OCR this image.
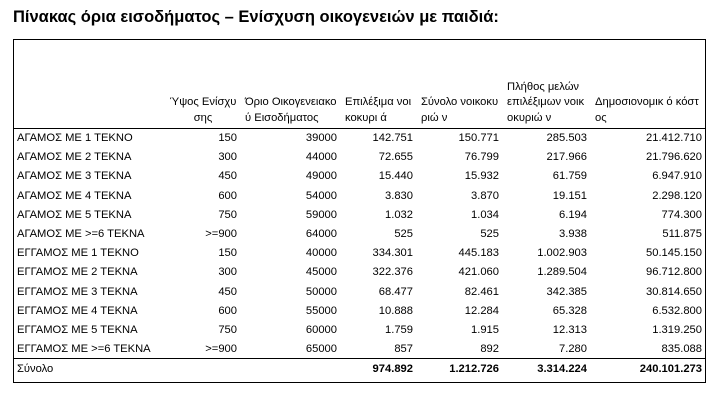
Πίνακας όρια εισοδήματος – Ενίσχυση οικογενειών με παιδιά:
	Ύψος Ενίσχυσης	Όριο Οικογενειακο ύ Εισοδήματος	Επιλέξιμα νοικοκυρι ά	Σύνολο νοικοκυριώ ν	Πλήθος μελών επιλέξιμων νοικοκυριώ ν	Δημοσιονομικ ό κόστος
ΑΓΑΜΟΣ ΜΕ 1 ΤΕΚΝΟ	150	39000	142.751	150.771	285.503	21.412.710
ΑΓΑΜΟΣ ΜΕ 2 ΤΕΚΝΑ	300	44000	72.655	76.799	217.966	21.796.620
ΑΓΑΜΟΣ ΜΕ 3 ΤΕΚΝΑ	450	49000	15.440	15.932	61.759	6.947.910
ΑΓΑΜΟΣ ΜΕ 4 ΤΕΚΝΑ	600	54000	3.830	3.870	19.151	2.298.120
ΑΓΑΜΟΣ ΜΕ 5 ΤΕΚΝΑ	750	59000	1.032	1.034	6.194	774.300
ΑΓΑΜΟΣ ΜΕ >=6 ΤΕΚΝΑ	>=900	64000	525	525	3.938	511.875
ΕΓΓΑΜΟΣ ΜΕ 1 ΤΕΚΝΟ	150	40000	334.301	445.183	1.002.903	50.145.150
ΕΓΓΑΜΟΣ ΜΕ 2 ΤΕΚΝΑ	300	45000	322.376	421.060	1.289.504	96.712.800
ΕΓΓΑΜΟΣ ΜΕ 3 ΤΕΚΝΑ	450	50000	68.477	82.461	342.385	30.814.650
ΕΓΓΑΜΟΣ ΜΕ 4 ΤΕΚΝΑ	600	55000	10.888	12.284	65.328	6.532.800
ΕΓΓΑΜΟΣ ΜΕ 5 ΤΕΚΝΑ	750	60000	1.759	1.915	12.313	1.319.250
ΕΓΓΑΜΟΣ ΜΕ >=6 ΤΕΚΝΑ	>=900	65000	857	892	7.280	835.088
Σύνολο			974.892	1.212.726	3.314.224	240.101.273
